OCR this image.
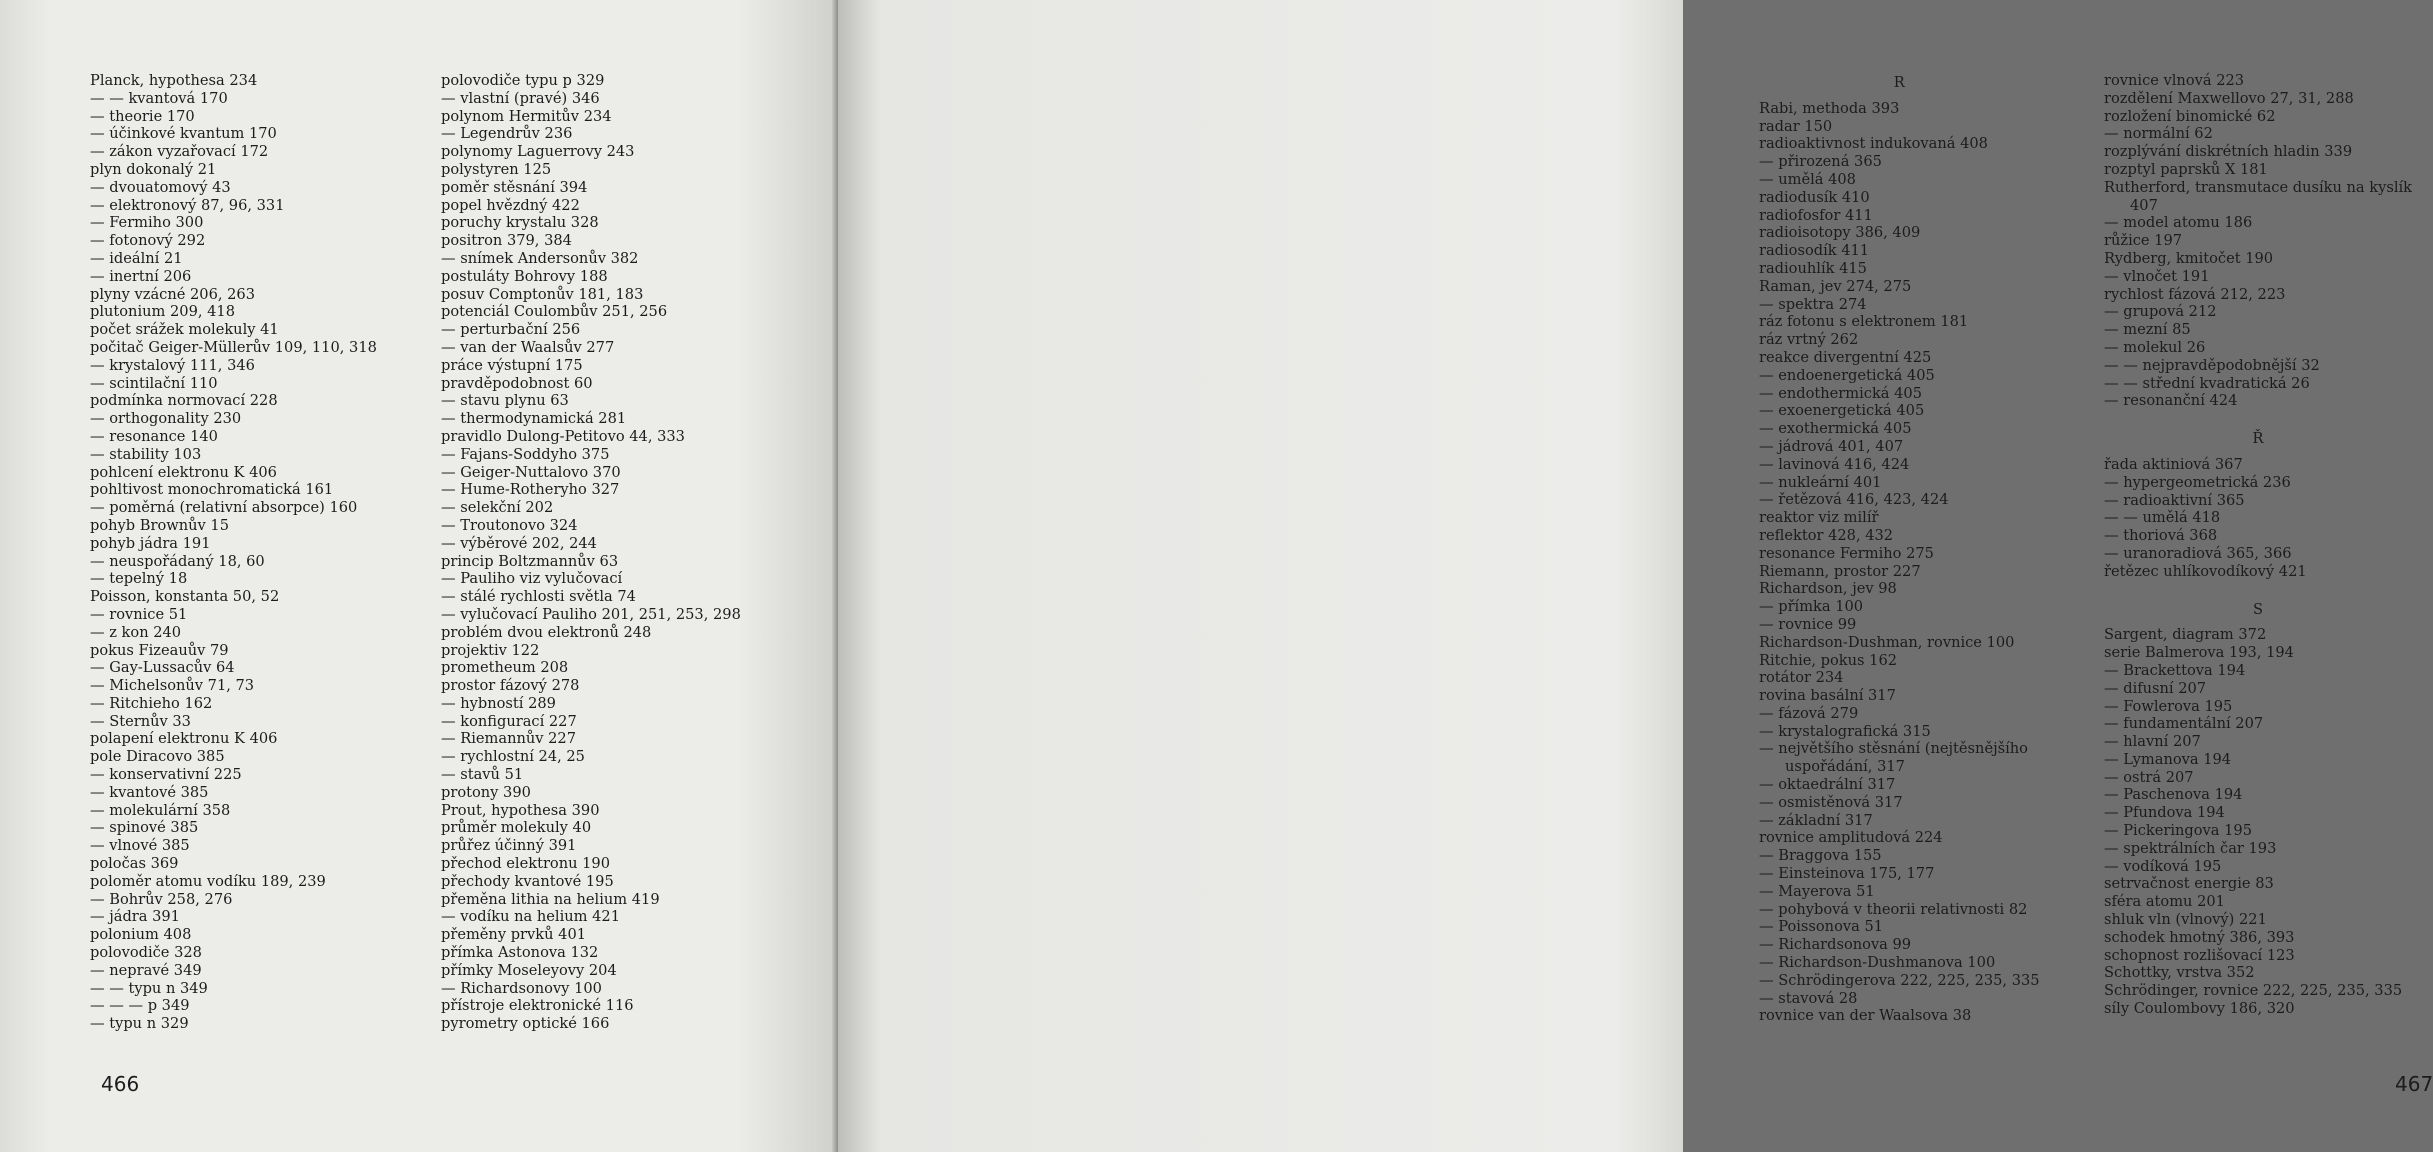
Planck, hypothesa 234
— — kvantová 170
— theorie 170
— účinkové kvantum 170
— zákon vyzařovací 172
plyn dokonalý 21
— dvouatomový 43
— elektronový 87, 96, 331
— Fermiho 300
— fotonový 292
— ideální 21
— inertní 206
plyny vzácné 206, 263
plutonium 209, 418
počet srážek molekuly 41
počitač Geiger-Müllerův 109, 110, 318
— krystalový 111, 346
— scintilační 110
podmínka normovací 228
— orthogonality 230
— resonance 140
— stability 103
pohlcení elektronu K 406
pohltivost monochromatická 161
— poměrná (relativní absorpce) 160
pohyb Brownův 15
pohyb jádra 191
— neuspořádaný 18, 60
— tepelný 18
Poisson, konstanta 50, 52
— rovnice 51
— z kon 240
pokus Fizeauův 79
— Gay-Lussacův 64
— Michelsonův 71, 73
— Ritchieho 162
— Sternův 33
polapení elektronu K 406
pole Diracovo 385
— konservativní 225
— kvantové 385
— molekulární 358
— spinové 385
— vlnové 385
poločas 369
poloměr atomu vodíku 189, 239
— Bohrův 258, 276
— jádra 391
polonium 408
polovodiče 328
— nepravé 349
— — typu n 349
— — — p 349
— typu n 329
polovodiče typu p 329
— vlastní (pravé) 346
polynom Hermitův 234
— Legendrův 236
polynomy Laguerrovy 243
polystyren 125
poměr stěsnání 394
popel hvězdný 422
poruchy krystalu 328
positron 379, 384
— snímek Andersonův 382
postuláty Bohrovy 188
posuv Comptonův 181, 183
potenciál Coulombův 251, 256
— perturbační 256
— van der Waalsův 277
práce výstupní 175
pravděpodobnost 60
— stavu plynu 63
— thermodynamická 281
pravidlo Dulong-Petitovo 44, 333
— Fajans-Soddyho 375
— Geiger-Nuttalovo 370
— Hume-Rotheryho 327
— selekční 202
— Troutonovo 324
— výběrové 202, 244
princip Boltzmannův 63
— Pauliho viz vylučovací
— stálé rychlosti světla 74
— vylučovací Pauliho 201, 251, 253, 298
problém dvou elektronů 248
projektiv 122
prometheum 208
prostor fázový 278
— hybností 289
— konfigurací 227
— Riemannův 227
— rychlostní 24, 25
— stavů 51
protony 390
Prout, hypothesa 390
průměr molekuly 40
průřez účinný 391
přechod elektronu 190
přechody kvantové 195
přeměna lithia na helium 419
— vodíku na helium 421
přeměny prvků 401
přímka Astonova 132
přímky Moseleyovy 204
— Richardsonovy 100
přístroje elektronické 116
pyrometry optické 166
466
R
Rabi, methoda 393
radar 150
radioaktivnost indukovaná 408
— přirozená 365
— umělá 408
radiodusík 410
radiofosfor 411
radioisotopy 386, 409
radiosodík 411
radiouhlík 415
Raman, jev 274, 275
— spektra 274
ráz fotonu s elektronem 181
ráz vrtný 262
reakce divergentní 425
— endoenergetická 405
— endothermická 405
— exoenergetická 405
— exothermická 405
— jádrová 401, 407
— lavinová 416, 424
— nukleární 401
— řetězová 416, 423, 424
reaktor viz milíř
reflektor 428, 432
resonance Fermiho 275
Riemann, prostor 227
Richardson, jev 98
— přímka 100
— rovnice 99
Richardson-Dushman, rovnice 100
Ritchie, pokus 162
rotátor 234
rovina basální 317
— fázová 279
— krystalografická 315
— největšího stěsnání (nejtěsnějšího
uspořádání, 317
— oktaedrální 317
— osmistěnová 317
— základní 317
rovnice amplitudová 224
— Braggova 155
— Einsteinova 175, 177
— Mayerova 51
— pohybová v theorii relativnosti 82
— Poissonova 51
— Richardsonova 99
— Richardson-Dushmanova 100
— Schrödingerova 222, 225, 235, 335
— stavová 28
rovnice van der Waalsova 38
rovnice vlnová 223
rozdělení Maxwellovo 27, 31, 288
rozložení binomické 62
— normální 62
rozplývání diskrétních hladin 339
rozptyl paprsků X 181
Rutherford, transmutace dusíku na kyslík
407
— model atomu 186
růžice 197
Rydberg, kmitočet 190
— vlnočet 191
rychlost fázová 212, 223
— grupová 212
— mezní 85
— molekul 26
— — nejpravděpodobnější 32
— — střední kvadratická 26
— resonanční 424
Ř
řada aktiniová 367
— hypergeometrická 236
— radioaktivní 365
— — umělá 418
— thoriová 368
— uranoradiová 365, 366
řetězec uhlíkovodíkový 421
S
Sargent, diagram 372
serie Balmerova 193, 194
— Brackettova 194
— difusní 207
— Fowlerova 195
— fundamentální 207
— hlavní 207
— Lymanova 194
— ostrá 207
— Paschenova 194
— Pfundova 194
— Pickeringova 195
— spektrálních čar 193
— vodíková 195
setrvačnost energie 83
sféra atomu 201
shluk vln (vlnový) 221
schodek hmotný 386, 393
schopnost rozlišovací 123
Schottky, vrstva 352
Schrödinger, rovnice 222, 225, 235, 335
síly Coulombovy 186, 320
467
